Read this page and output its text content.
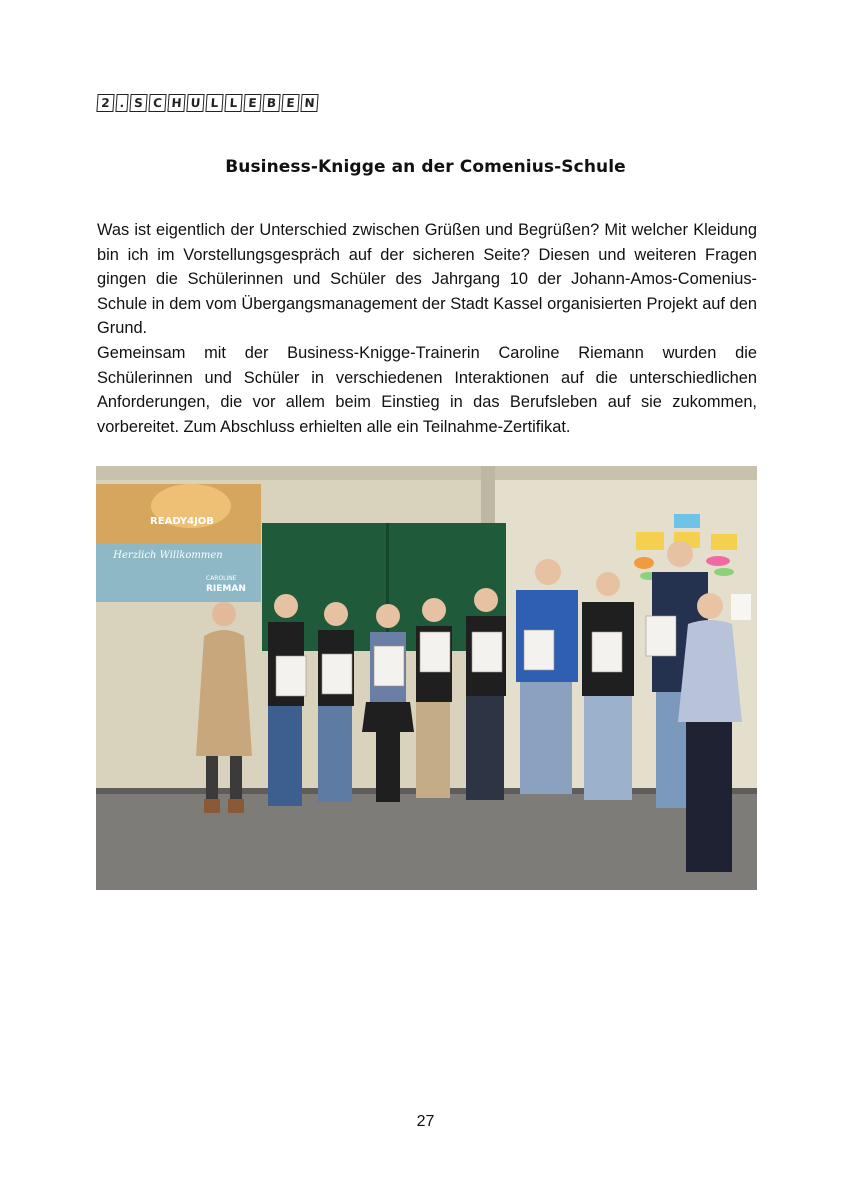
2 . S C H U L L E B E N
Business-Knigge an der Comenius-Schule

Was ist eigentlich der Unterschied zwischen Grüßen und Begrüßen? Mit welcher Kleidung bin ich im Vorstellungsgespräch auf der sicheren Seite? Diesen und weiteren Fragen gingen die Schülerinnen und Schüler des Jahrgang 10 der Johann-Amos-Comenius-Schule in dem vom Übergangsmanagement der Stadt Kassel organisierten Projekt auf den Grund.

Gemeinsam mit der Business-Knigge-Trainerin Caroline Riemann wurden die Schülerinnen und Schüler in verschiedenen Interaktionen auf die unterschiedlichen Anforderungen, die vor allem beim Einstieg in das Berufsleben auf sie zukommen, vorbereitet. Zum Abschluss erhielten alle ein Teilnahme-Zertifikat.

READY4JOB
Herzlich Willkommen
CAROLINE
RIEMAN
27
